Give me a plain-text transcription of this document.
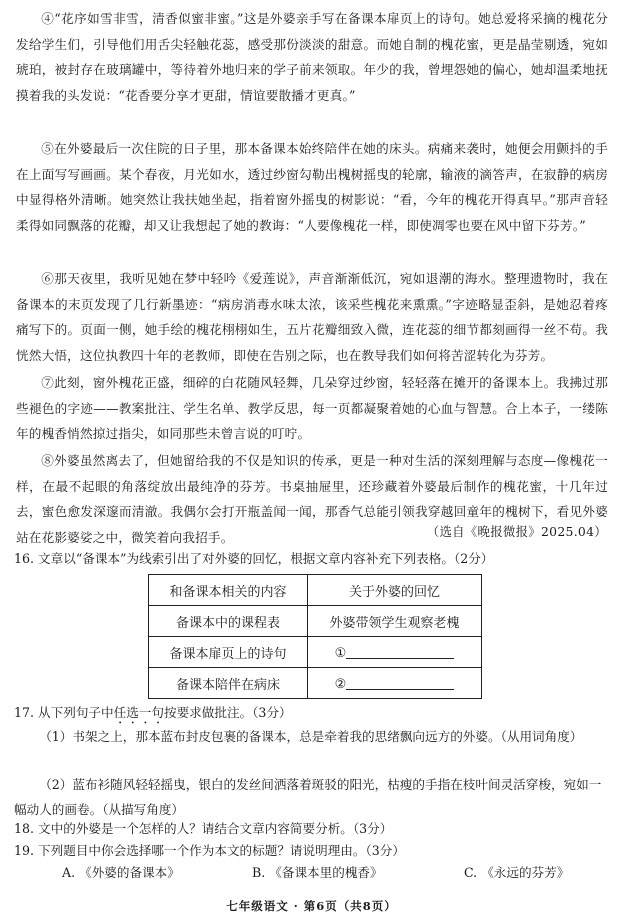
④“花序如雪非雪，清香似蜜非蜜。”这是外婆亲手写在备课本扉页上的诗句。她总爱将采摘的槐花分发给学生们，引导他们用舌尖轻触花蕊，感受那份淡淡的甜意。而她自制的槐花蜜，更是晶莹剔透，宛如琥珀，被封存在玻璃罐中，等待着外地归来的学子前来领取。年少的我，曾埋怨她的偏心，她却温柔地抚摸着我的头发说：“花香要分享才更甜，情谊要散播才更真。”

⑤在外婆最后一次住院的日子里，那本备课本始终陪伴在她的床头。病痛来袭时，她便会用颤抖的手在上面写写画画。某个春夜，月光如水，透过纱窗勾勒出槐树摇曳的轮廓，输液的滴答声，在寂静的病房中显得格外清晰。她突然让我扶她坐起，指着窗外摇曳的树影说：“看，今年的槐花开得真早。”那声音轻柔得如同飘落的花瓣，却又让我想起了她的教诲：“人要像槐花一样，即使凋零也要在风中留下芬芳。”

⑥那天夜里，我听见她在梦中轻吟《爱莲说》，声音渐渐低沉，宛如退潮的海水。整理遗物时，我在备课本的末页发现了几行新墨迹：“病房消毒水味太浓，该采些槐花来熏熏。”字迹略显歪斜，是她忍着疼痛写下的。页面一侧，她手绘的槐花栩栩如生，五片花瓣细致入微，连花蕊的细节都刻画得一丝不苟。我恍然大悟，这位执教四十年的老教师，即使在告别之际，也在教导我们如何将苦涩转化为芬芳。

⑦此刻，窗外槐花正盛，细碎的白花随风轻舞，几朵穿过纱窗，轻轻落在摊开的备课本上。我拂过那些褪色的字迹——教案批注、学生名单、教学反思，每一页都凝聚着她的心血与智慧。合上本子，一缕陈年的槐香悄然掠过指尖，如同那些未曾言说的叮咛。

⑧外婆虽然离去了，但她留给我的不仅是知识的传承，更是一种对生活的深刻理解与态度—像槐花一样，在最不起眼的角落绽放出最纯净的芬芳。书桌抽屉里，还珍藏着外婆最后制作的槐花蜜，十几年过去，蜜色愈发深邃而清澈。我偶尔会打开瓶盖闻一闻，那香气总能引领我穿越回童年的槐树下，看见外婆站在花影婆娑之中，微笑着向我招手。	（选自《晚报微报》2025.04）

16. 文章以“备课本”为线索引出了对外婆的回忆，根据文章内容补充下列表格。（2分）

和备课本相关的内容	关于外婆的回忆
备课本中的课程表	外婆带领学生观察老槐
备课本扉页上的诗句	①
备课本陪伴在病床	②

17. 从下列句子中任选一句按要求做批注。（3分）

（1）书架之上，那本蓝布封皮包裹的备课本，总是牵着我的思绪飘向远方的外婆。（从用词角度）

（2）蓝布衫随风轻轻摇曳，银白的发丝间洒落着斑驳的阳光，枯瘦的手指在枝叶间灵活穿梭，宛如一幅动人的画卷。（从描写角度）

18. 文中的外婆是一个怎样的人？请结合文章内容简要分析。（3分）

19. 下列题目中你会选择哪一个作为本文的标题？请说明理由。（3分）

A. 《外婆的备课本》	B. 《备课本里的槐香》	C. 《永远的芬芳》

七年级语文 · 第6页（共8页）
